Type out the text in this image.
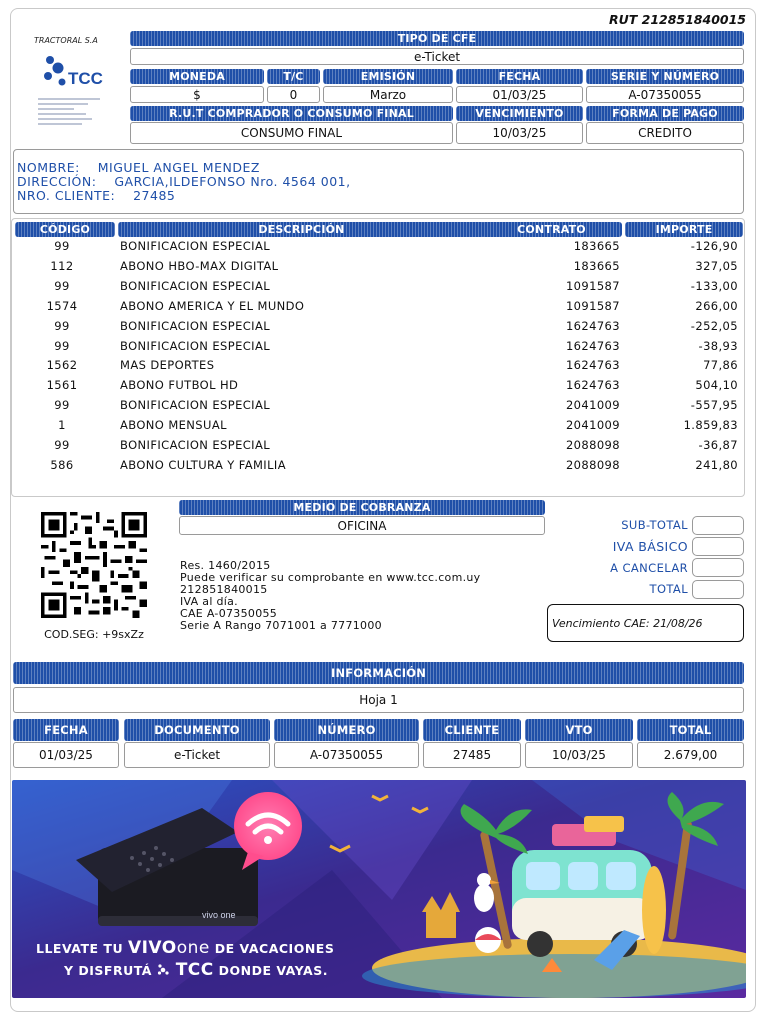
RUT 212851840015
TRACTORAL S.A
TCC
TIPO DE CFE
e-Ticket
MONEDA	T/C	EMISIÓN	FECHA	SERIE Y NÚMERO
$	0	Marzo	01/03/25	A-07350055
R.U.T COMPRADOR O CONSUMO FINAL	VENCIMIENTO	FORMA DE PAGO
CONSUMO FINAL	10/03/25	CREDITO
NOMBRE:    MIGUEL ANGEL MENDEZ
DIRECCIÓN:    GARCIA,ILDEFONSO Nro. 4564 001,
NRO. CLIENTE:    27485
CÓDIGO	DESCRIPCIÓN	CONTRATO	IMPORTE
99	BONIFICACION ESPECIAL	183665	-126,90
112	ABONO HBO-MAX DIGITAL	183665	327,05
99	BONIFICACION ESPECIAL	1091587	-133,00
1574	ABONO AMERICA Y EL MUNDO	1091587	266,00
99	BONIFICACION ESPECIAL	1624763	-252,05
99	BONIFICACION ESPECIAL	1624763	-38,93
1562	MAS DEPORTES	1624763	77,86
1561	ABONO FUTBOL HD	1624763	504,10
99	BONIFICACION ESPECIAL	2041009	-557,95
1	ABONO MENSUAL	2041009	1.859,83
99	BONIFICACION ESPECIAL	2088098	-36,87
586	ABONO CULTURA Y FAMILIA	2088098	241,80
COD.SEG: +9sxZz
MEDIO DE COBRANZA
OFICINA
Res. 1460/2015
Puede verificar su comprobante en www.tcc.com.uy
212851840015
IVA al día.
CAE A-07350055
Serie A Rango 7071001 a 7771000
SUB-TOTAL
IVA BÁSICO
A CANCELAR
TOTAL
Vencimiento CAE: 21/08/26
INFORMACIÓN
Hoja 1
FECHA	DOCUMENTO	NÚMERO	CLIENTE	VTO	TOTAL
01/03/25	e-Ticket	A-07350055	27485	10/03/25	2.679,00
vivo one
LLEVATE TU VIVOone DE VACACIONES
Y DISFRUTÁ TCC DONDE VAYAS.
